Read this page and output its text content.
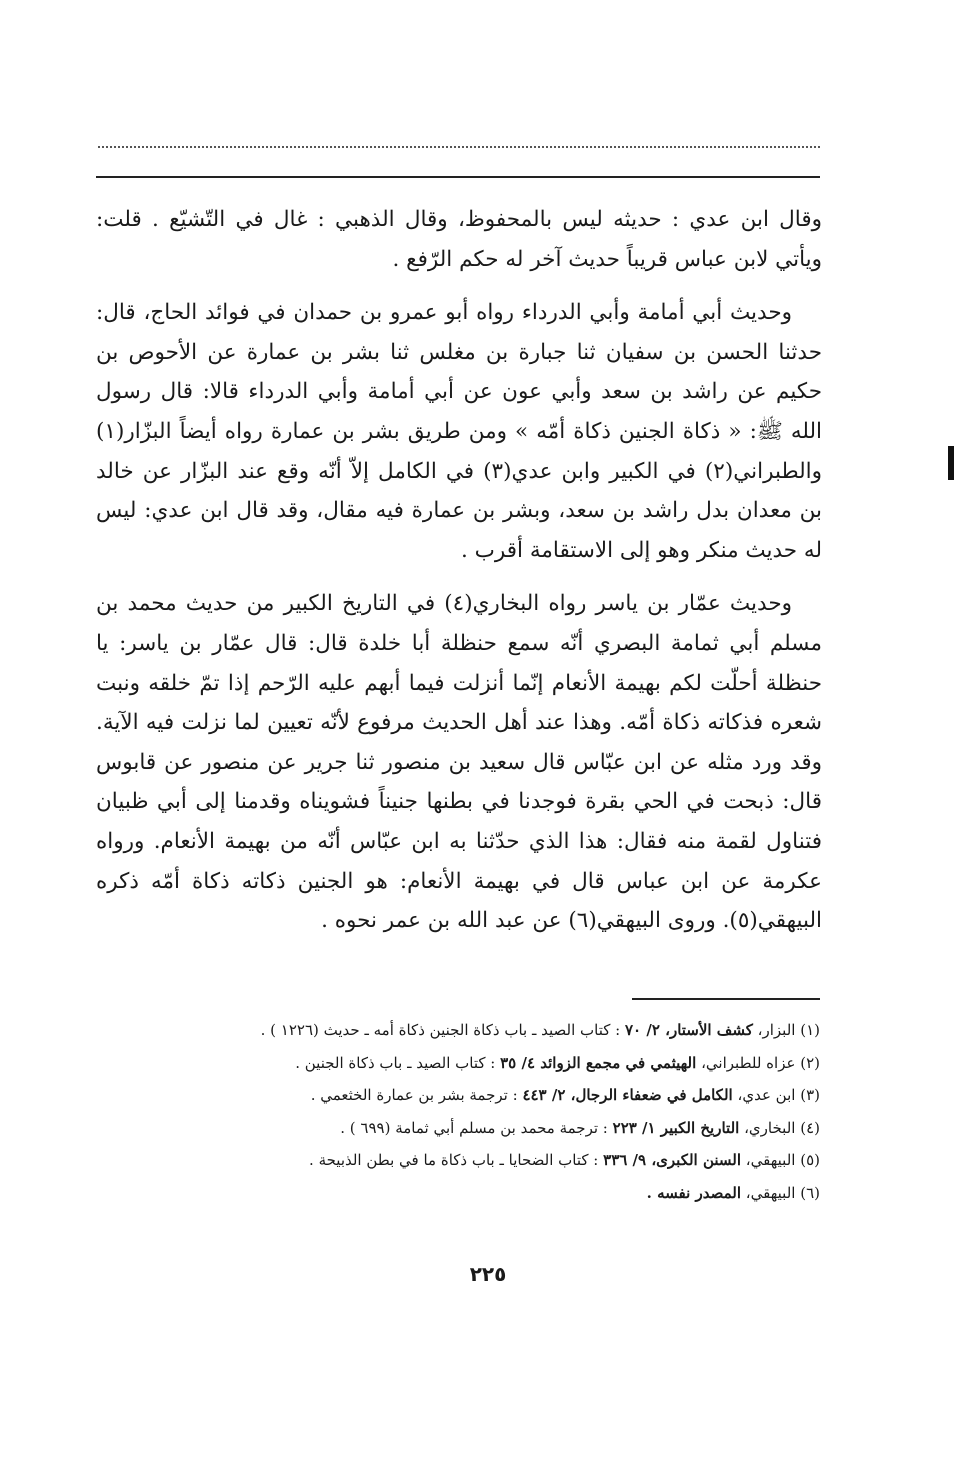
وقال ابن عدي : حديثه ليس بالمحفوظ، وقال الذهبي : غال في التّشيّع . قلت: ويأتي لابن عباس قريباً حديث آخر له حكم الرّفع .

وحديث أبي أمامة وأبي الدرداء رواه أبو عمرو بن حمدان في فوائد الحاج، قال: حدثنا الحسن بن سفيان ثنا جبارة بن مغلس ثنا بشر بن عمارة عن الأحوص بن حكيم عن راشد بن سعد وأبي عون عن أبي أمامة وأبي الدرداء قالا: قال رسول الله ﷺ: « ذكاة الجنين ذكاة أمّه » ومن طريق بشر بن عمارة رواه أيضاً البزّار(١) والطبراني(٢) في الكبير وابن عدي(٣) في الكامل إلاّ أنّه وقع عند البزّار عن خالد بن معدان بدل راشد بن سعد، وبشر بن عمارة فيه مقال، وقد قال ابن عدي: ليس له حديث منكر وهو إلى الاستقامة أقرب .

وحديث عمّار بن ياسر رواه البخاري(٤) في التاريخ الكبير من حديث محمد بن مسلم أبي ثمامة البصري أنّه سمع حنظلة أبا خلدة قال: قال عمّار بن ياسر: يا حنظلة أحلّت لكم بهيمة الأنعام إنّما أنزلت فيما أبهم عليه الرّحم إذا تمّ خلقه ونبت شعره فذكاته ذكاة أمّه. وهذا عند أهل الحديث مرفوع لأنّه تعيين لما نزلت فيه الآية. وقد ورد مثله عن ابن عبّاس قال سعيد بن منصور ثنا جرير عن منصور عن قابوس قال: ذبحت في الحي بقرة فوجدنا في بطنها جنيناً فشويناه وقدمنا إلى أبي ظبيان فتناول لقمة منه فقال: هذا الذي حدّثنا به ابن عبّاس أنّه من بهيمة الأنعام. ورواه عكرمة عن ابن عباس قال في بهيمة الأنعام: هو الجنين ذكاته ذكاة أمّه ذكره البيهقي(٥). وروى البيهقي(٦) عن عبد الله بن عمر نحوه .

(١) البزار، كشف الأستار، ٢/ ٧٠ : كتاب الصيد ـ باب ذكاة الجنين ذكاة أمه ـ حديث (١٢٢٦ ) .
(٢) عزاه للطبراني، الهيثمي في مجمع الزوائد ٤/ ٣٥ : كتاب الصيد ـ باب ذكاة الجنين .
(٣) ابن عدي، الكامل في ضعفاء الرجال، ٢/ ٤٤٣ : ترجمة بشر بن عمارة الخثعمي .
(٤) البخاري، التاريخ الكبير ١/ ٢٢٣ : ترجمة محمد بن مسلم أبي ثمامة (٦٩٩ ) .
(٥) البيهقي، السنن الكبرى، ٩/ ٣٣٦ : كتاب الضحايا ـ باب ذكاة ما في بطن الذبيحة .
(٦) البيهقي، المصدر نفسه .
٢٢٥
